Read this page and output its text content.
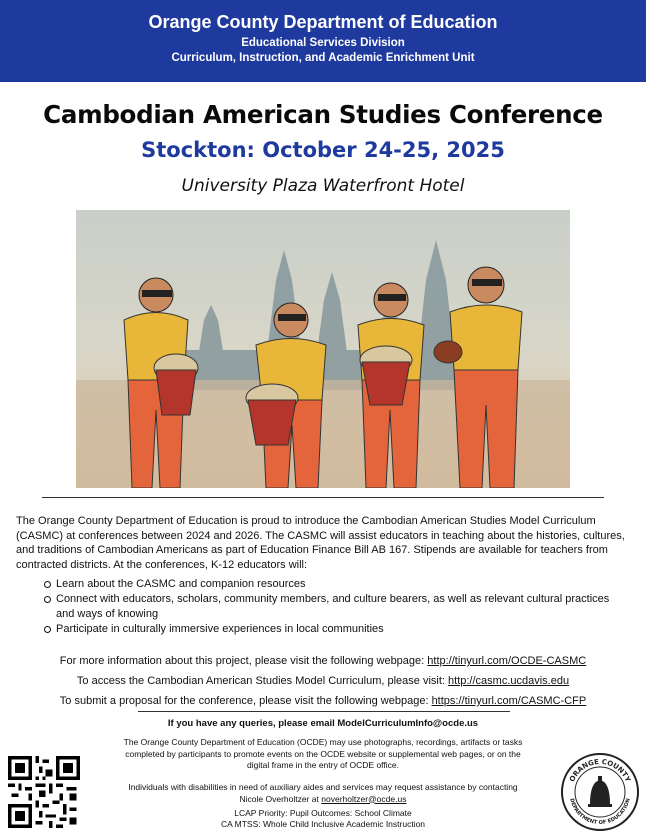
Orange County Department of Education
Educational Services Division
Curriculum, Instruction, and Academic Enrichment Unit
Cambodian American Studies Conference
Stockton: October 24-25, 2025
University Plaza Waterfront Hotel
The Orange County Department of Education is proud to introduce the Cambodian American Studies Model Curriculum (CASMC) at conferences between 2024 and 2026. The CASMC will assist educators in teaching about the histories, cultures, and traditions of Cambodian Americans as part of Education Finance Bill AB 167. Stipends are available for teachers from contracted districts. At the conferences, K-12 educators will:
Learn about the CASMC and companion resources
Connect with educators, scholars, community members, and culture bearers, as well as relevant cultural practices and ways of knowing
Participate in culturally immersive experiences in local communities
For more information about this project, please visit the following webpage: http://tinyurl.com/OCDE-CASMC
To access the Cambodian American Studies Model Curriculum, please visit: http://casmc.ucdavis.edu
To submit a proposal for the conference, please visit the following webpage: https://tinyurl.com/CASMC-CFP
If you have any queries, please email ModelCurriculumInfo@ocde.us
The Orange County Department of Education (OCDE) may use photographs, recordings, artifacts or tasks completed by participants to promote events on the OCDE website or supplemental web pages, or on the digital frame in the entry of OCDE office.
Individuals with disabilities in need of auxiliary aides and services may request assistance by contacting Nicole Overholtzer at noverholtzer@ocde.us
LCAP Priority: Pupil Outcomes: School Climate
CA MTSS: Whole Child Inclusive Academic Instruction
ORANGE COUNTY
DEPARTMENT OF EDUCATION
